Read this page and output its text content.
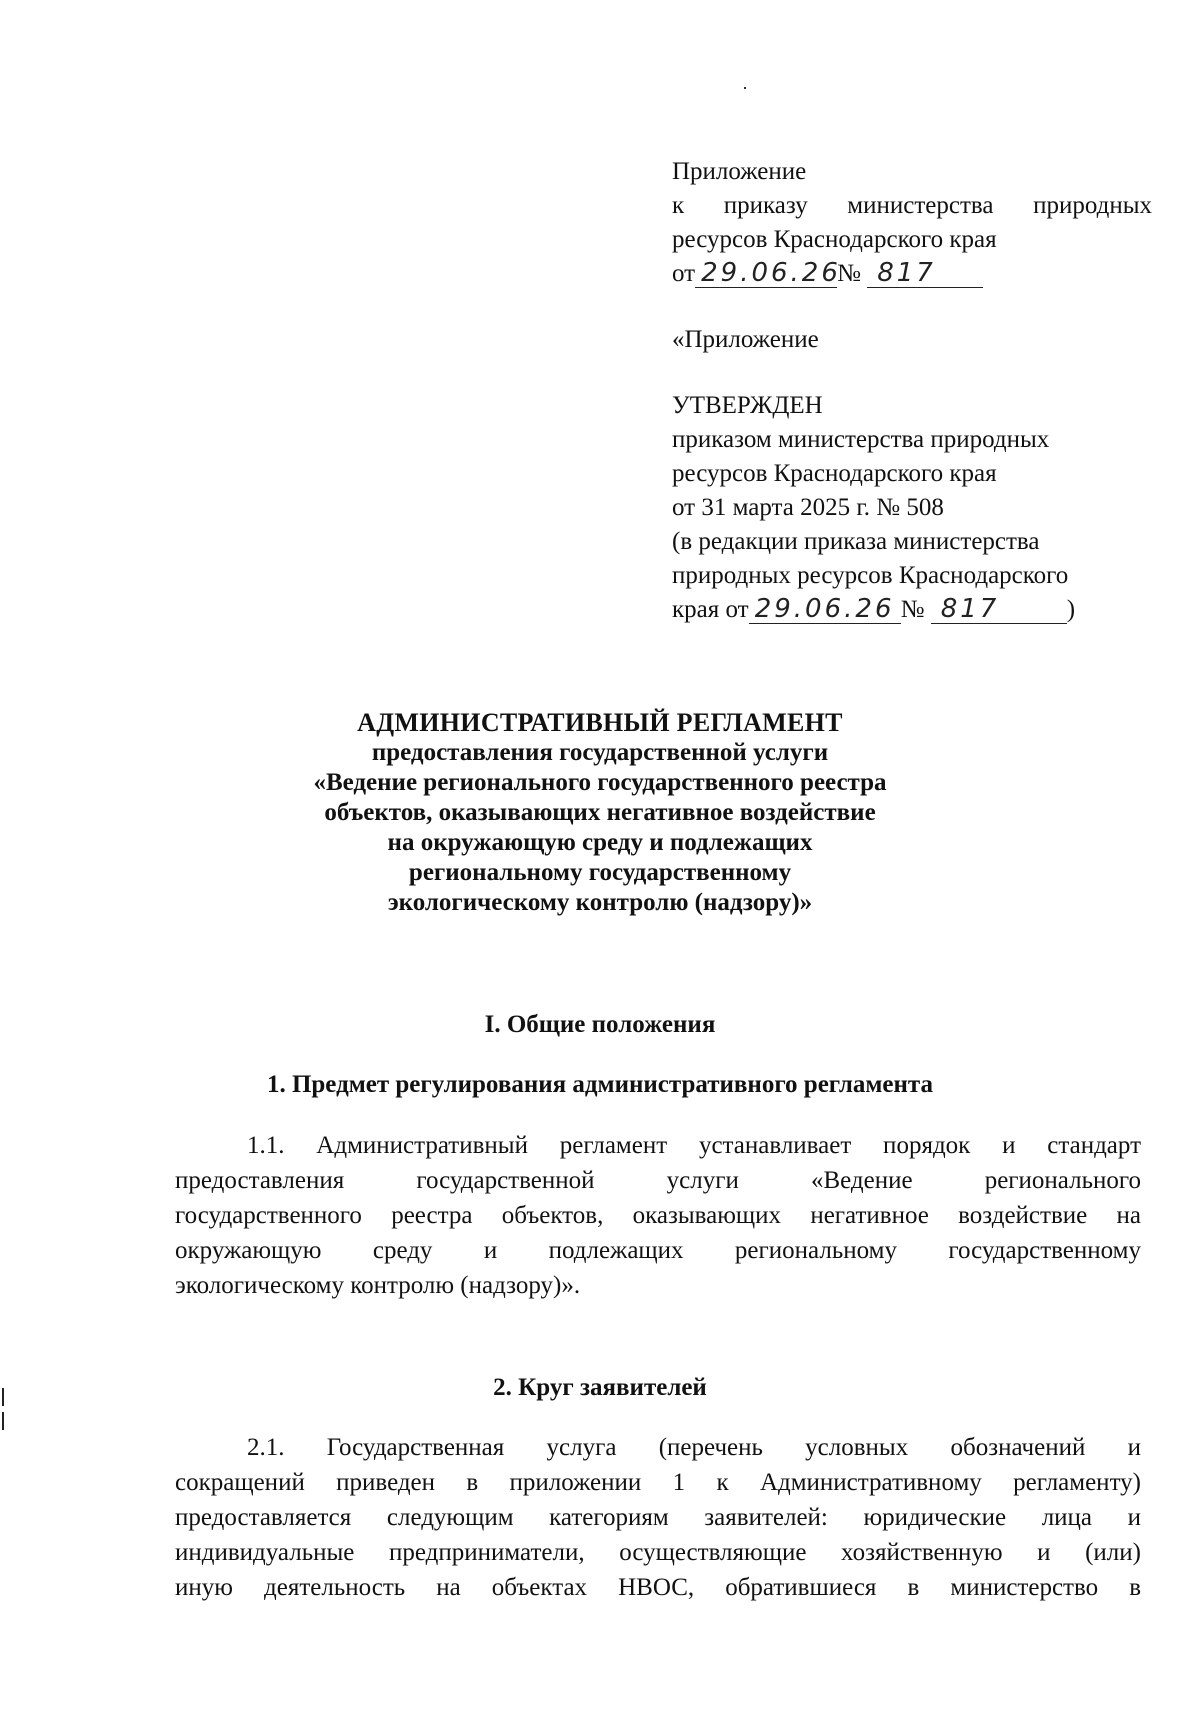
Приложение
к приказу министерства природных
ресурсов Краснодарского края
от 29.06.26№ 817
«Приложение
УТВЕРЖДЕН
приказом министерства природных
ресурсов Краснодарского края
от 31 марта 2025 г. № 508
(в редакции приказа министерства
природных ресурсов Краснодарского
края от 29.06.26 № 817	)
АДМИНИСТРАТИВНЫЙ РЕГЛАМЕНТ
предоставления государственной услуги
«Ведение регионального государственного реестра
объектов, оказывающих негативное воздействие
на окружающую среду и подлежащих
региональному государственному
экологическому контролю (надзору)»
I. Общие положения
1. Предмет регулирования административного регламента
1.1. Административный регламент устанавливает порядок и стандарт
предоставления государственной услуги «Ведение регионального
государственного реестра объектов, оказывающих негативное воздействие на
окружающую среду и подлежащих региональному государственному
экологическому контролю (надзору)».
2. Круг заявителей
2.1. Государственная услуга (перечень условных обозначений и
сокращений приведен в приложении 1 к Административному регламенту)
предоставляется следующим категориям заявителей: юридические лица и
индивидуальные предприниматели, осуществляющие хозяйственную и (или)
иную деятельность на объектах НВОС, обратившиеся в министерство в
